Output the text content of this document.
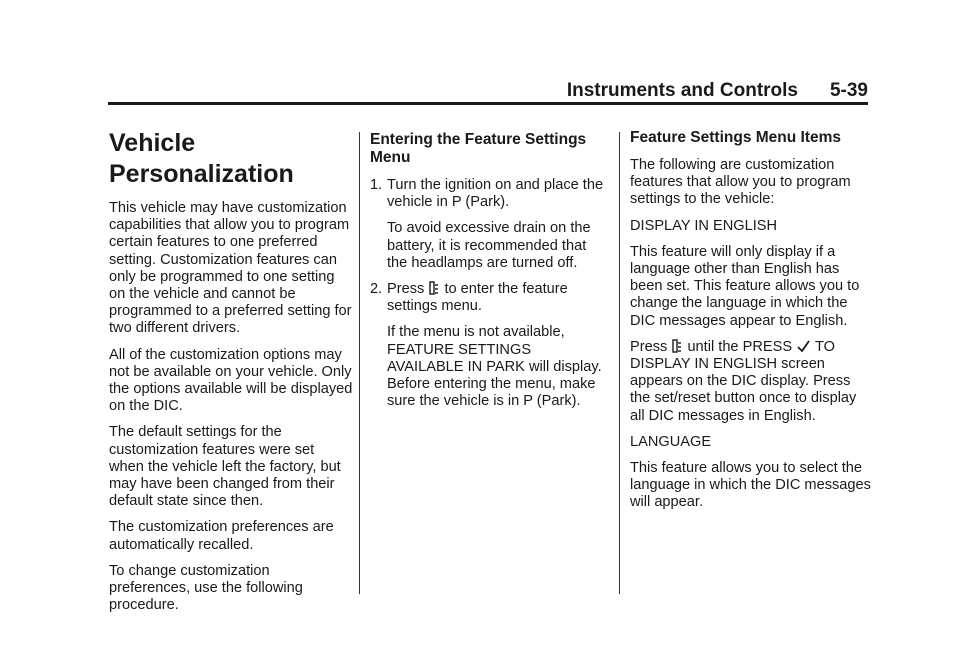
Instruments and Controls 5-39
Vehicle Personalization

This vehicle may have customization capabilities that allow you to program certain features to one preferred setting. Customization features can only be programmed to one setting on the vehicle and cannot be programmed to a preferred setting for two different drivers.

All of the customization options may not be available on your vehicle. Only the options available will be displayed on the DIC.

The default settings for the customization features were set when the vehicle left the factory, but may have been changed from their default state since then.

The customization preferences are automatically recalled.

To change customization preferences, use the following procedure.

Entering the Feature Settings Menu
1. Turn the ignition on and place the vehicle in P (Park).

To avoid excessive drain on the battery, it is recommended that the headlamps are turned off.

2. Press to enter the feature settings menu.

If the menu is not available, FEATURE SETTINGS AVAILABLE IN PARK will display. Before entering the menu, make sure the vehicle is in P (Park).

Feature Settings Menu Items

The following are customization features that allow you to program settings to the vehicle:

DISPLAY IN ENGLISH

This feature will only display if a language other than English has been set. This feature allows you to change the language in which the DIC messages appear to English.

Press until the PRESS TO DISPLAY IN ENGLISH screen appears on the DIC display. Press the set/reset button once to display all DIC messages in English.

LANGUAGE

This feature allows you to select the language in which the DIC messages will appear.
